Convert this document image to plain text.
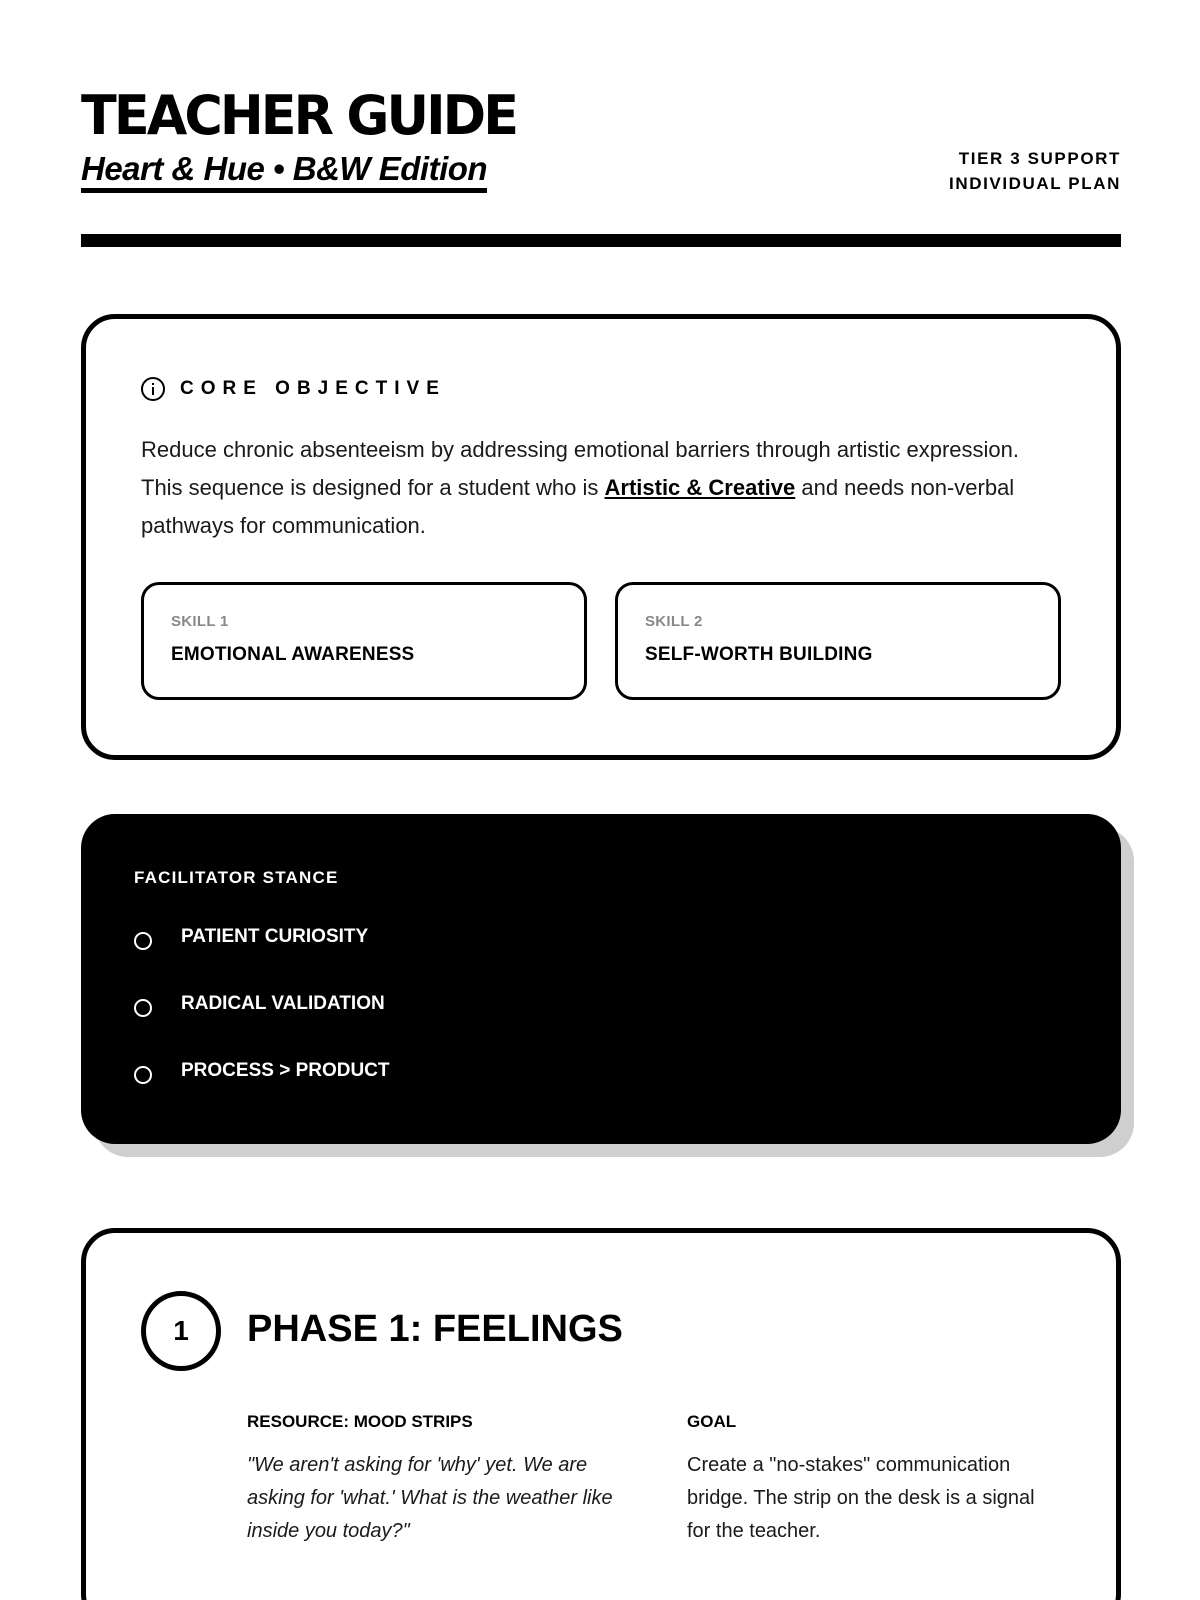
TEACHER GUIDE
Heart & Hue • B&W Edition	TIER 3 SUPPORT
INDIVIDUAL PLAN
CORE OBJECTIVE

Reduce chronic absenteeism by addressing emotional barriers through artistic expression. This sequence is designed for a student who is Artistic & Creative and needs non-verbal pathways for communication.

SKILL 1
EMOTIONAL AWARENESS
SKILL 2
SELF-WORTH BUILDING
FACILITATOR STANCE
PATIENT CURIOSITY
RADICAL VALIDATION
PROCESS > PRODUCT
1	PHASE 1: FEELINGS
RESOURCE: MOOD STRIPS

"We aren't asking for 'why' yet. We are asking for 'what.' What is the weather like inside you today?"

GOAL

Create a "no-stakes" communication bridge. The strip on the desk is a signal for the teacher.
